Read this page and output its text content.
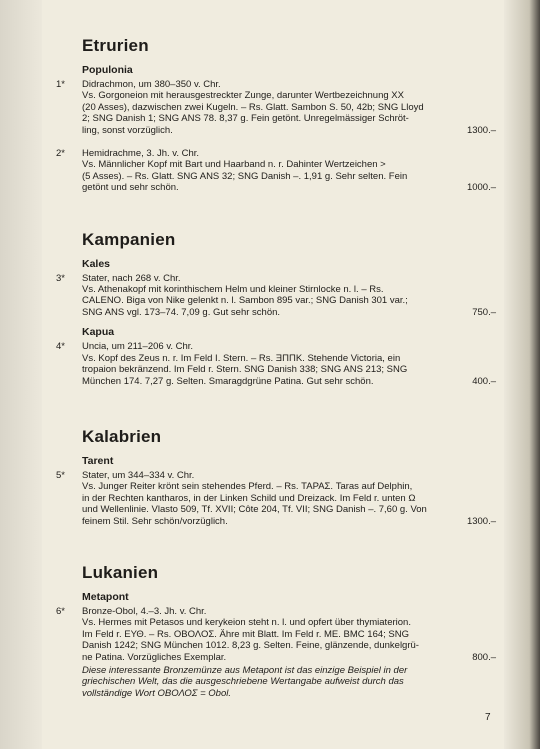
Etrurien
Populonia
1*	Didrachmon, um 380–350 v. Chr.
Vs. Gorgoneion mit herausgestreckter Zunge, darunter Wertbezeichnung XX
(20 Asses), dazwischen zwei Kugeln. – Rs. Glatt. Sambon S. 50, 42b; SNG Lloyd
2; SNG Danish 1; SNG ANS 78. 8,37 g. Fein getönt. Unregelmässiger Schröt-
ling, sonst vorzüglich.	1300.–
2*	Hemidrachme, 3. Jh. v. Chr.
Vs. Männlicher Kopf mit Bart und Haarband n. r. Dahinter Wertzeichen >
(5 Asses). – Rs. Glatt. SNG ANS 32; SNG Danish –. 1,91 g. Sehr selten. Fein
getönt und sehr schön.	1000.–
Kampanien
Kales
3*	Stater, nach 268 v. Chr.
Vs. Athenakopf mit korinthischem Helm und kleiner Stirnlocke n. l. – Rs.
CALENO. Biga von Nike gelenkt n. l. Sambon 895 var.; SNG Danish 301 var.;
SNG ANS vgl. 173–74. 7,09 g. Gut sehr schön.	750.–
Kapua
4*	Uncia, um 211–206 v. Chr.
Vs. Kopf des Zeus n. r. Im Feld I. Stern. – Rs. ƎΠΠΚ. Stehende Victoria, ein
tropaion bekränzend. Im Feld r. Stern. SNG Danish 338; SNG ANS 213; SNG
München 174. 7,27 g. Selten. Smaragdgrüne Patina. Gut sehr schön.	400.–
Kalabrien
Tarent
5*	Stater, um 344–334 v. Chr.
Vs. Junger Reiter krönt sein stehendes Pferd. – Rs. ΤΑΡΑΣ. Taras auf Delphin,
in der Rechten kantharos, in der Linken Schild und Dreizack. Im Feld r. unten Ω
und Wellenlinie. Vlasto 509, Tf. XVII; Côte 204, Tf. VII; SNG Danish –. 7,60 g. Von
feinem Stil. Sehr schön/vorzüglich.	1300.–
Lukanien
Metapont
6*	Bronze-Obol, 4.–3. Jh. v. Chr.
Vs. Hermes mit Petasos und kerykeion steht n. l. und opfert über thymiaterion.
Im Feld r. ΕΥΘ. – Rs. ΟΒΟΛΟΣ. Ähre mit Blatt. Im Feld r. ME. BMC 164; SNG
Danish 1242; SNG München 1012. 8,23 g. Selten. Feine, glänzende, dunkelgrü-
ne Patina. Vorzügliches Exemplar.	800.–
Diese interessante Bronzemünze aus Metapont ist das einzige Beispiel in der
griechischen Welt, das die ausgeschriebene Wertangabe aufweist durch das
vollständige Wort ΟΒΟΛΟΣ = Obol.
7
